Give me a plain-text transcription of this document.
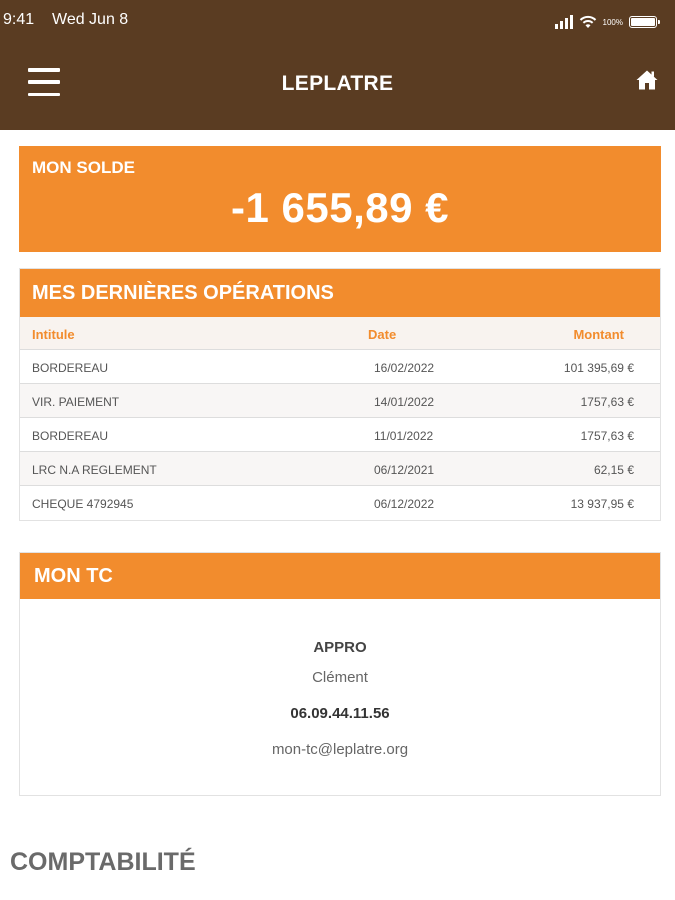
9:41 Wed Jun 8	100%
LEPLATRE
MON SOLDE
-1 655,89 €
MES DERNIÈRES OPÉRATIONS
Intitule	Date	Montant
BORDEREAU	16/02/2022	101 395,69 €
VIR. PAIEMENT	14/01/2022	1757,63 €
BORDEREAU	11/01/2022	1757,63 €
LRC N.A REGLEMENT	06/12/2021	62,15 €
CHEQUE 4792945	06/12/2022	13 937,95 €
MON TC
APPRO
Clément
06.09.44.11.56
mon-tc@leplatre.org
COMPTABILITÉ
